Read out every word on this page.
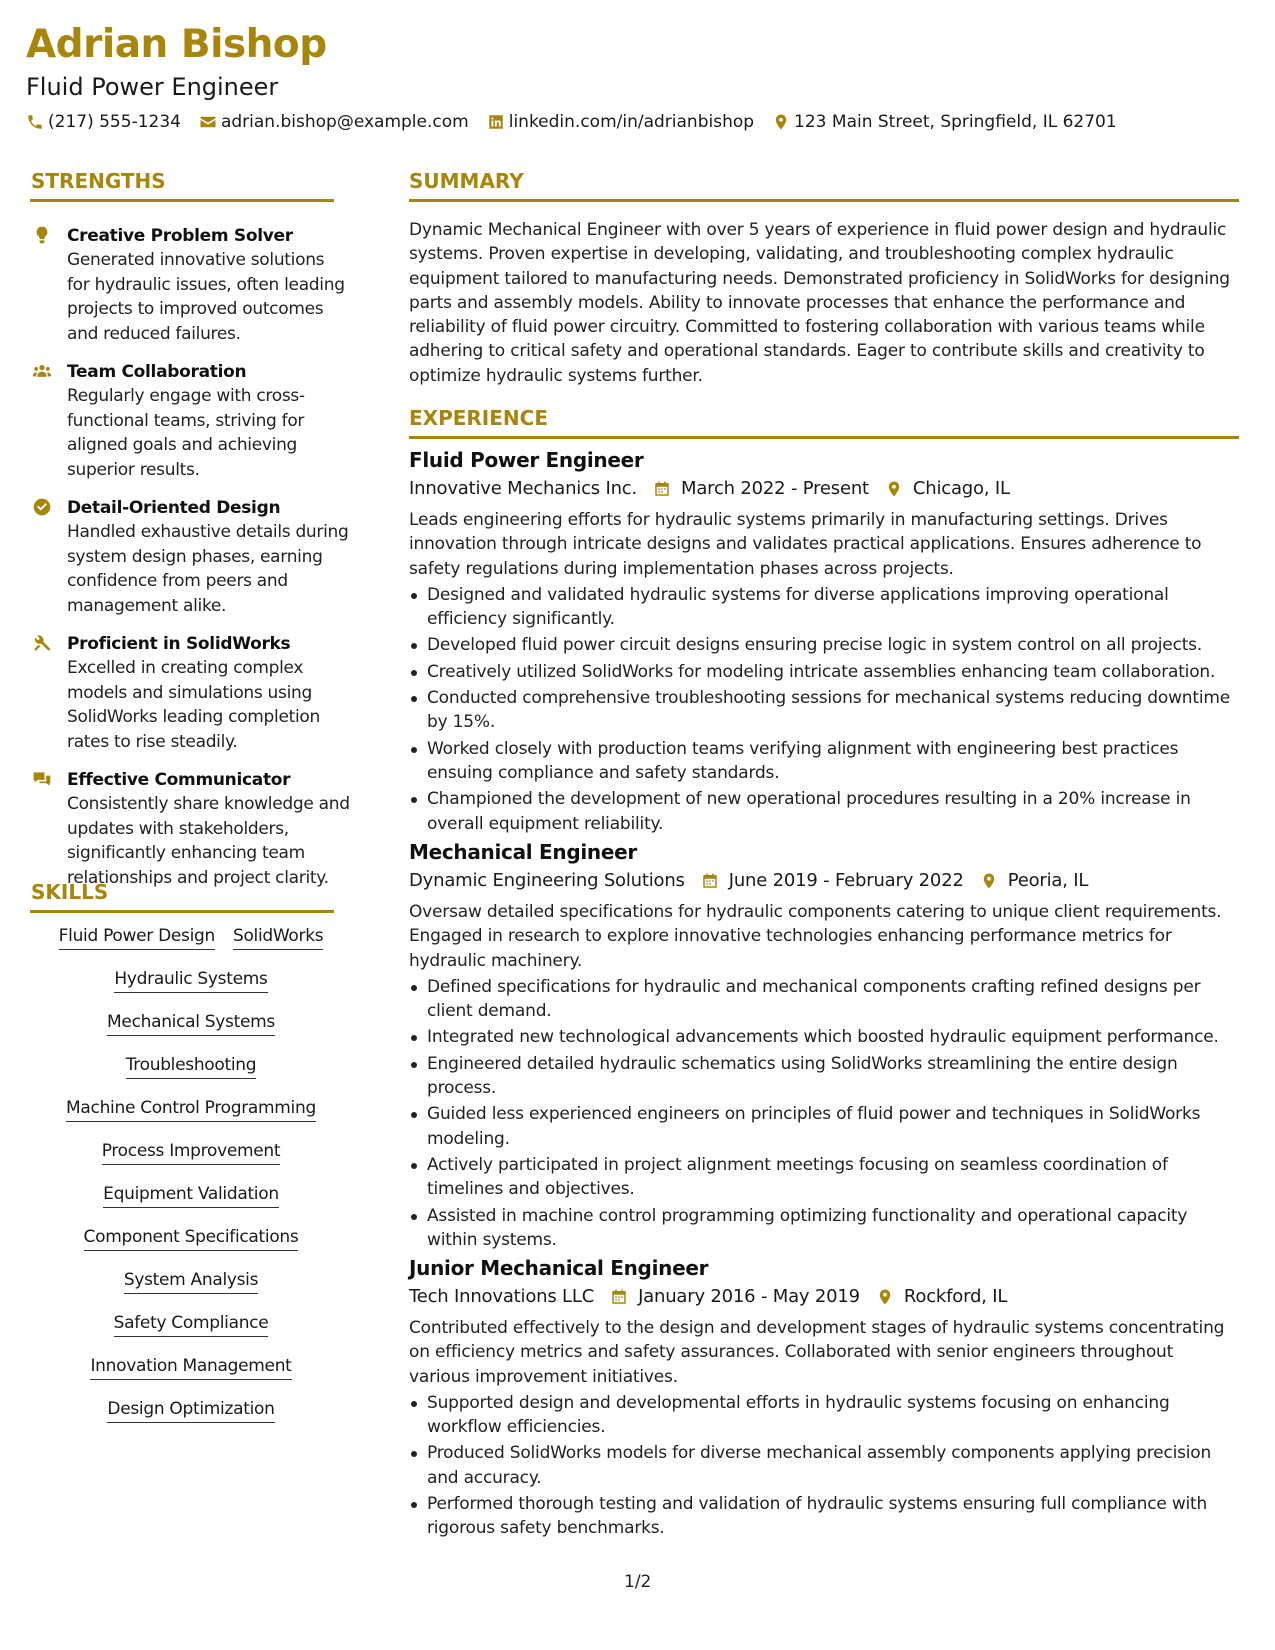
Adrian Bishop
Fluid Power Engineer
(217) 555-1234 adrian.bishop@example.com linkedin.com/in/adrianbishop 123 Main Street, Springfield, IL 62701
STRENGTHS
Creative Problem Solver
Generated innovative solutions for hydraulic issues, often leading projects to improved outcomes and reduced failures.
Team Collaboration
Regularly engage with cross-functional teams, striving for aligned goals and achieving superior results.
Detail-Oriented Design
Handled exhaustive details during system design phases, earning confidence from peers and management alike.
Proficient in SolidWorks
Excelled in creating complex models and simulations using SolidWorks leading completion rates to rise steadily.
Effective Communicator
Consistently share knowledge and updates with stakeholders, significantly enhancing team relationships and project clarity.
SKILLS
Fluid Power Design SolidWorks
Hydraulic Systems
Mechanical Systems
Troubleshooting
Machine Control Programming
Process Improvement
Equipment Validation
Component Specifications
System Analysis
Safety Compliance
Innovation Management
Design Optimization
SUMMARY
Dynamic Mechanical Engineer with over 5 years of experience in fluid power design and hydraulic systems. Proven expertise in developing, validating, and troubleshooting complex hydraulic equipment tailored to manufacturing needs. Demonstrated proficiency in SolidWorks for designing parts and assembly models. Ability to innovate processes that enhance the performance and reliability of fluid power circuitry. Committed to fostering collaboration with various teams while adhering to critical safety and operational standards. Eager to contribute skills and creativity to optimize hydraulic systems further.
EXPERIENCE
Fluid Power Engineer
Innovative Mechanics Inc. March 2022 - Present Chicago, IL
Leads engineering efforts for hydraulic systems primarily in manufacturing settings. Drives innovation through intricate designs and validates practical applications. Ensures adherence to safety regulations during implementation phases across projects.
Designed and validated hydraulic systems for diverse applications improving operational efficiency significantly.
Developed fluid power circuit designs ensuring precise logic in system control on all projects.
Creatively utilized SolidWorks for modeling intricate assemblies enhancing team collaboration.
Conducted comprehensive troubleshooting sessions for mechanical systems reducing downtime by 15%.
Worked closely with production teams verifying alignment with engineering best practices ensuing compliance and safety standards.
Championed the development of new operational procedures resulting in a 20% increase in overall equipment reliability.
Mechanical Engineer
Dynamic Engineering Solutions June 2019 - February 2022 Peoria, IL
Oversaw detailed specifications for hydraulic components catering to unique client requirements. Engaged in research to explore innovative technologies enhancing performance metrics for hydraulic machinery.
Defined specifications for hydraulic and mechanical components crafting refined designs per client demand.
Integrated new technological advancements which boosted hydraulic equipment performance.
Engineered detailed hydraulic schematics using SolidWorks streamlining the entire design process.
Guided less experienced engineers on principles of fluid power and techniques in SolidWorks modeling.
Actively participated in project alignment meetings focusing on seamless coordination of timelines and objectives.
Assisted in machine control programming optimizing functionality and operational capacity within systems.
Junior Mechanical Engineer
Tech Innovations LLC January 2016 - May 2019 Rockford, IL
Contributed effectively to the design and development stages of hydraulic systems concentrating on efficiency metrics and safety assurances. Collaborated with senior engineers throughout various improvement initiatives.
Supported design and developmental efforts in hydraulic systems focusing on enhancing workflow efficiencies.
Produced SolidWorks models for diverse mechanical assembly components applying precision and accuracy.
Performed thorough testing and validation of hydraulic systems ensuring full compliance with rigorous safety benchmarks.
1/2
